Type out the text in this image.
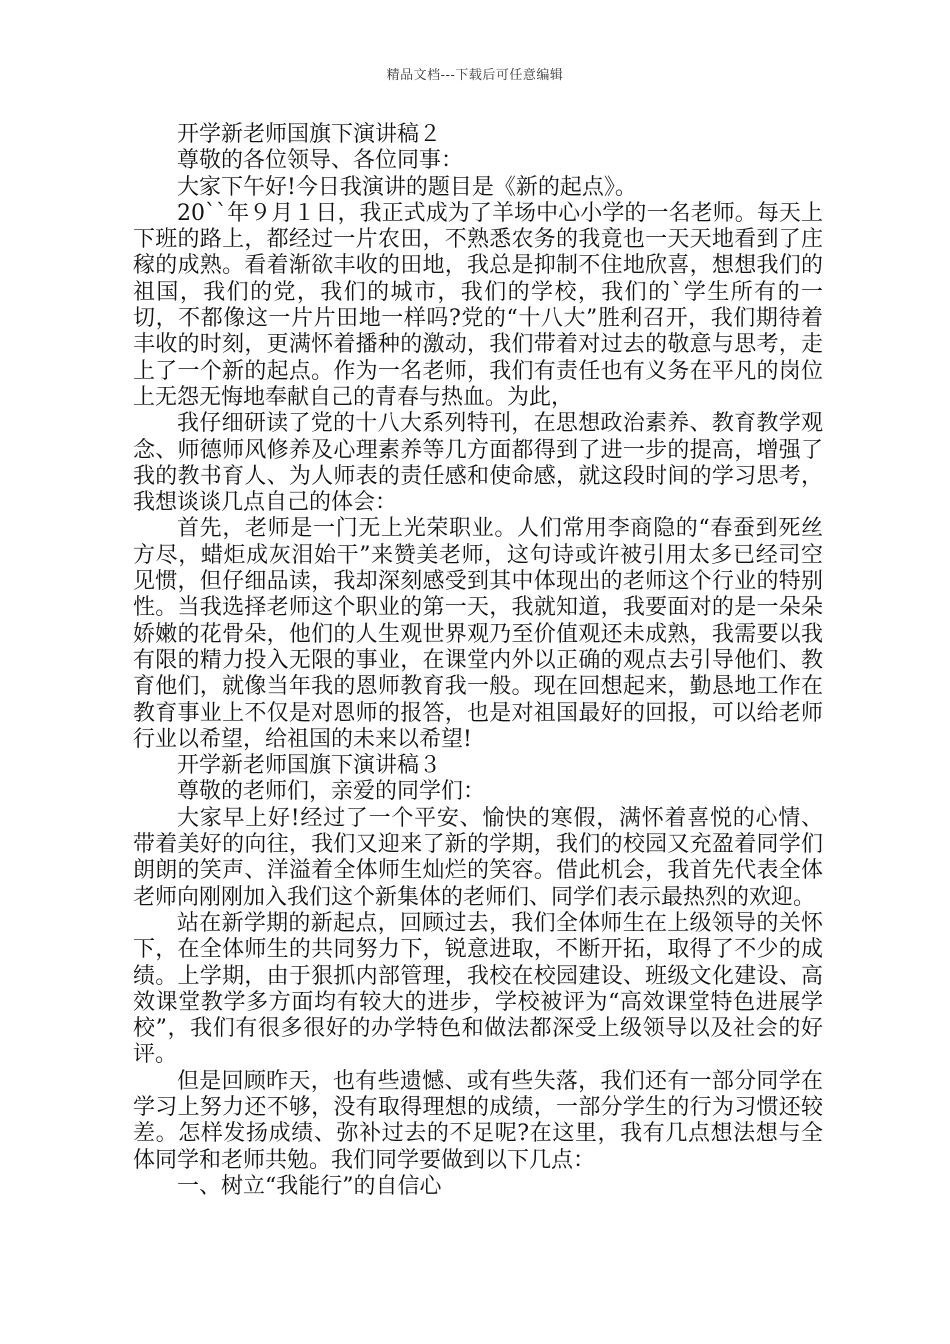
精品文档---下载后可任意编辑

开学新老师国旗下演讲稿２

尊敬的各位领导、各位同事：

大家下午好!今日我演讲的题目是《新的起点》。

20``年９月１日，我正式成为了羊场中心小学的一名老师。每天上下班的路上，都经过一片农田，不熟悉农务的我竟也一天天地看到了庄稼的成熟。看着渐欲丰收的田地，我总是抑制不住地欣喜，想想我们的祖国，我们的党，我们的城市，我们的学校，我们的`学生所有的一切，不都像这一片片田地一样吗?党的“十八大”胜利召开，我们期待着丰收的时刻，更满怀着播种的激动，我们带着对过去的敬意与思考，走上了一个新的起点。作为一名老师，我们有责任也有义务在平凡的岗位上无怨无悔地奉献自己的青春与热血。为此，

我仔细研读了党的十八大系列特刊，在思想政治素养、教育教学观念、师德师风修养及心理素养等几方面都得到了进一步的提高，增强了我的教书育人、为人师表的责任感和使命感，就这段时间的学习思考，我想谈谈几点自己的体会：

首先，老师是一门无上光荣职业。人们常用李商隐的“春蚕到死丝方尽，蜡炬成灰泪始干”来赞美老师，这句诗或许被引用太多已经司空见惯，但仔细品读，我却深刻感受到其中体现出的老师这个行业的特别性。当我选择老师这个职业的第一天，我就知道，我要面对的是一朵朵娇嫩的花骨朵，他们的人生观世界观乃至价值观还未成熟，我需要以我有限的精力投入无限的事业，在课堂内外以正确的观点去引导他们、教育他们，就像当年我的恩师教育我一般。现在回想起来，勤恳地工作在教育事业上不仅是对恩师的报答，也是对祖国最好的回报，可以给老师行业以希望，给祖国的未来以希望!

开学新老师国旗下演讲稿３

尊敬的老师们，亲爱的同学们：

大家早上好!经过了一个平安、愉快的寒假，满怀着喜悦的心情、带着美好的向往，我们又迎来了新的学期，我们的校园又充盈着同学们朗朗的笑声、洋溢着全体师生灿烂的笑容。借此机会，我首先代表全体老师向刚刚加入我们这个新集体的老师们、同学们表示最热烈的欢迎。

站在新学期的新起点，回顾过去，我们全体师生在上级领导的关怀下，在全体师生的共同努力下，锐意进取，不断开拓，取得了不少的成绩。上学期，由于狠抓内部管理，我校在校园建设、班级文化建设、高效课堂教学多方面均有较大的进步，学校被评为“高效课堂特色进展学校”，我们有很多很好的办学特色和做法都深受上级领导以及社会的好评。

但是回顾昨天，也有些遗憾、或有些失落，我们还有一部分同学在学习上努力还不够，没有取得理想的成绩，一部分学生的行为习惯还较差。怎样发扬成绩、弥补过去的不足呢?在这里，我有几点想法想与全体同学和老师共勉。我们同学要做到以下几点：

一、树立“我能行”的自信心
